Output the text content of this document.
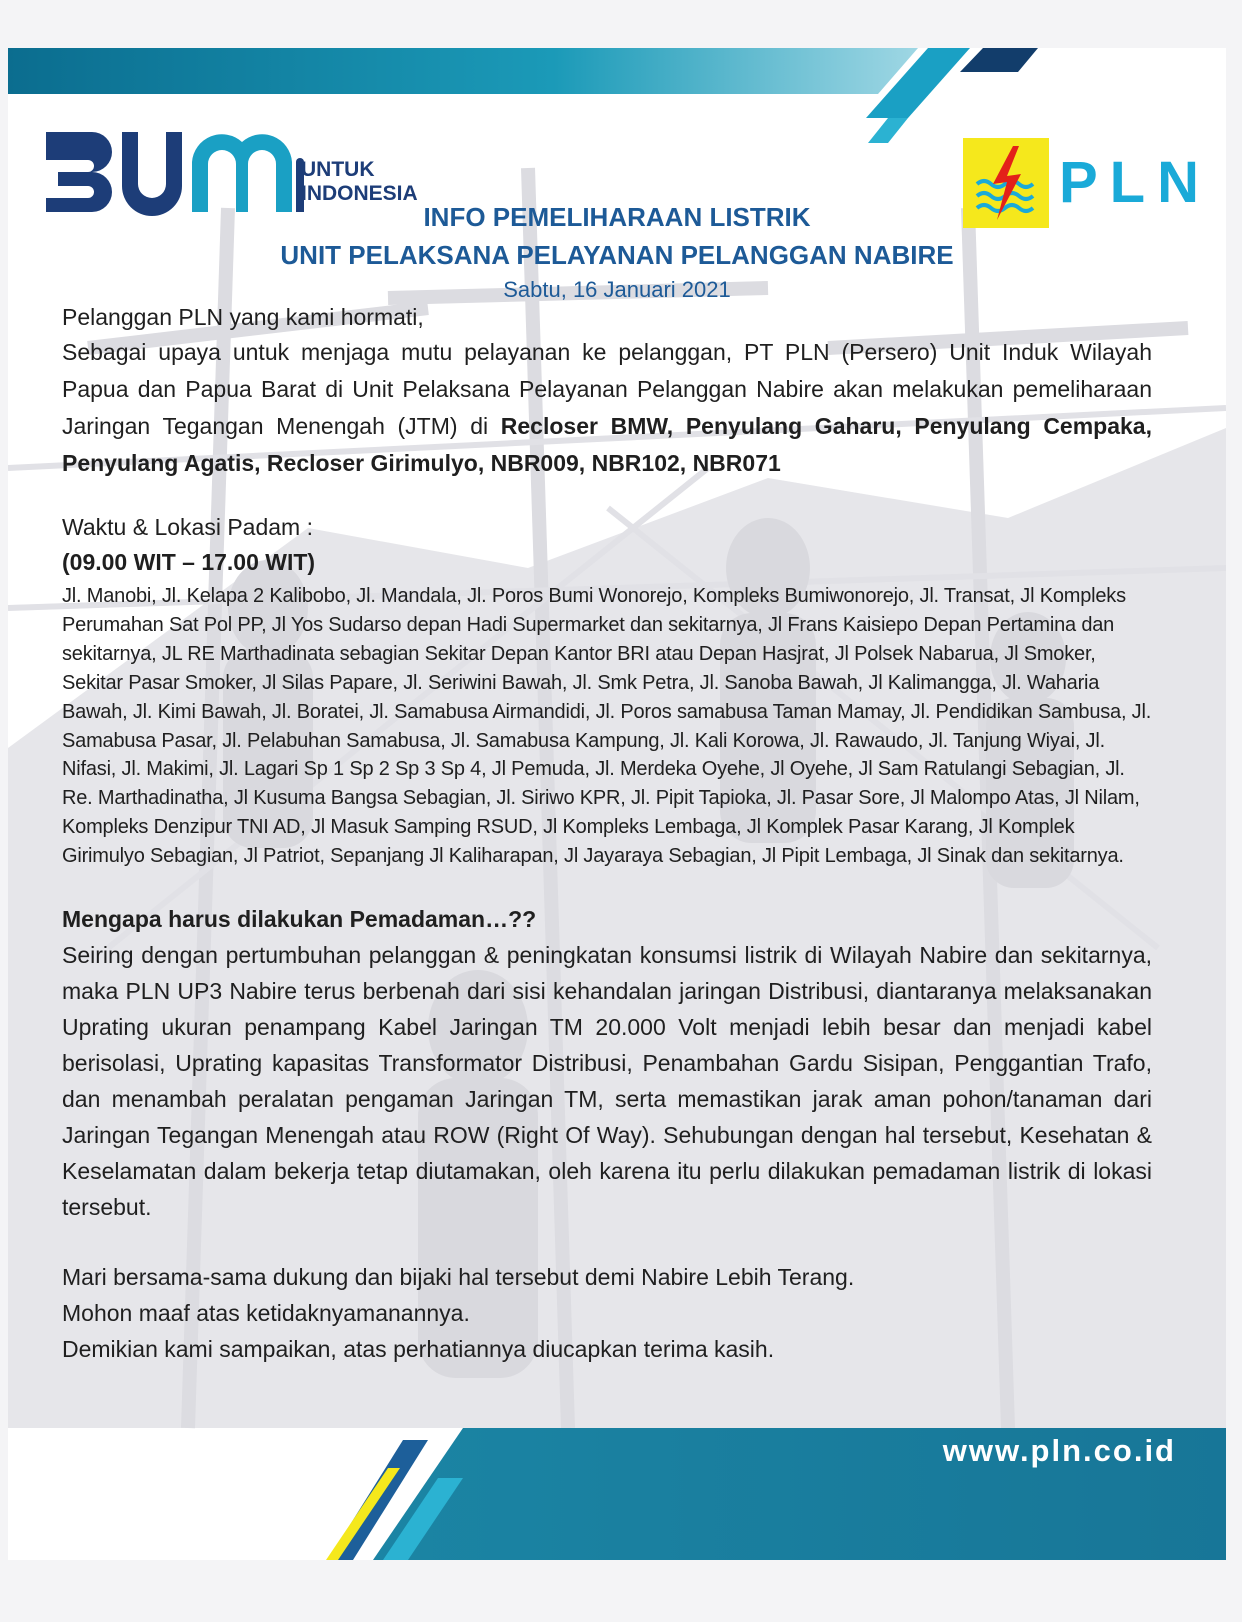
UNTUK
INDONESIA	PLN
INFO PEMELIHARAAN LISTRIK
UNIT PELAKSANA PELAYANAN PELANGGAN NABIRE
Sabtu, 16 Januari 2021

Pelanggan PLN yang kami hormati,

Sebagai upaya untuk menjaga mutu pelayanan ke pelanggan, PT PLN (Persero) Unit Induk Wilayah Papua dan Papua Barat di Unit Pelaksana Pelayanan Pelanggan Nabire akan melakukan pemeliharaan Jaringan Tegangan Menengah (JTM) di Recloser BMW, Penyulang Gaharu, Penyulang Cempaka, Penyulang Agatis, Recloser Girimulyo, NBR009, NBR102, NBR071

Waktu & Lokasi Padam :

(09.00 WIT – 17.00 WIT)

Jl. Manobi, Jl. Kelapa 2 Kalibobo, Jl. Mandala, Jl. Poros Bumi Wonorejo, Kompleks Bumiwonorejo, Jl. Transat, Jl Kompleks Perumahan Sat Pol PP, Jl Yos Sudarso depan Hadi Supermarket dan sekitarnya, Jl Frans Kaisiepo Depan Pertamina dan sekitarnya, JL RE Marthadinata sebagian Sekitar Depan Kantor BRI atau Depan Hasjrat, Jl Polsek Nabarua, Jl Smoker, Sekitar Pasar Smoker, Jl Silas Papare, Jl. Seriwini Bawah, Jl. Smk Petra, Jl. Sanoba Bawah, Jl Kalimangga, Jl. Waharia Bawah, Jl. Kimi Bawah, Jl. Boratei, Jl. Samabusa Airmandidi, Jl. Poros samabusa Taman Mamay, Jl. Pendidikan Sambusa, Jl. Samabusa Pasar, Jl. Pelabuhan Samabusa, Jl. Samabusa Kampung, Jl. Kali Korowa, Jl. Rawaudo, Jl. Tanjung Wiyai, Jl. Nifasi, Jl. Makimi, Jl. Lagari Sp 1 Sp 2 Sp 3 Sp 4, Jl Pemuda, Jl. Merdeka Oyehe, Jl Oyehe, Jl Sam Ratulangi Sebagian, Jl. Re. Marthadinatha, Jl Kusuma Bangsa Sebagian, Jl. Siriwo KPR, Jl. Pipit Tapioka, Jl. Pasar Sore, Jl Malompo Atas, Jl Nilam, Kompleks Denzipur TNI AD, Jl Masuk Samping RSUD, Jl Kompleks Lembaga, Jl Komplek Pasar Karang, Jl Komplek Girimulyo Sebagian, Jl Patriot, Sepanjang Jl Kaliharapan, Jl Jayaraya Sebagian, Jl Pipit Lembaga, Jl Sinak dan sekitarnya.

Mengapa harus dilakukan Pemadaman…??

Seiring dengan pertumbuhan pelanggan & peningkatan konsumsi listrik di Wilayah Nabire dan sekitarnya, maka PLN UP3 Nabire terus berbenah dari sisi kehandalan jaringan Distribusi, diantaranya melaksanakan Uprating ukuran penampang Kabel Jaringan TM 20.000 Volt menjadi lebih besar dan menjadi kabel berisolasi, Uprating kapasitas Transformator Distribusi, Penambahan Gardu Sisipan, Penggantian Trafo, dan menambah peralatan pengaman Jaringan TM, serta memastikan jarak aman pohon/tanaman dari Jaringan Tegangan Menengah atau ROW (Right Of Way). Sehubungan dengan hal tersebut, Kesehatan & Keselamatan dalam bekerja tetap diutamakan, oleh karena itu perlu dilakukan pemadaman listrik di lokasi tersebut.

Mari bersama-sama dukung dan bijaki hal tersebut demi Nabire Lebih Terang.

Mohon maaf atas ketidaknyamanannya.

Demikian kami sampaikan, atas perhatiannya diucapkan terima kasih.

www.pln.co.id
